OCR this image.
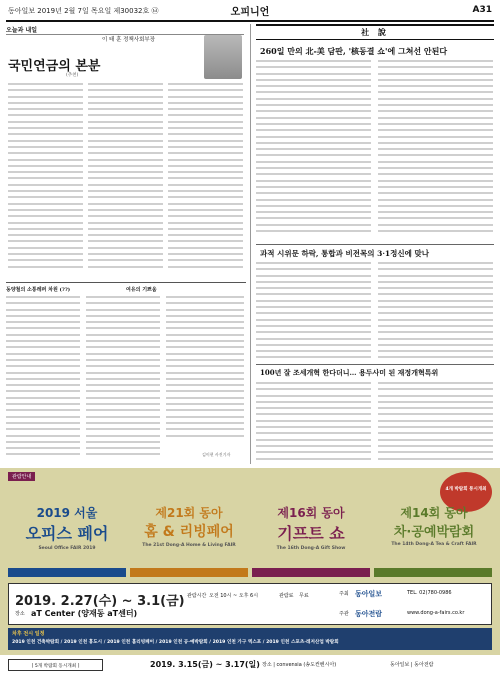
동아일보 2019년 2월 7일 목요일 제30032호 ㉥	오피니언	A31
오늘과 내일
이 태 훈 정책사회부장
국민연금의 본분
(추천)
동양철의 소통레퍼 차원 (??)	여유의 기쁘움
김이현 사진기자
社 說
260일 만의 北-美 담판, '核동결 쇼'에 그쳐선 안된다
과적 시위문 하락, 통합과 비전목의 3·1정신에 맞나
100년 잘 조세개혁 한다더니… 용두사미 된 재정개혁특위
관람안내
4개 박람회 통시개최
2019 서울
오피스 페어
Seoul Office FAIR 2019
제21회 동아
홈 & 리빙페어
The 21st Dong-A Home & Living FAIR
제16회 동아
기프트 쇼
The 16th Dong-A Gift Show
제14회 동아
차·공예박람회
The 14th Dong-A Tea & Craft FAIR
2019. 2.27(수) ~ 3.1(금) 관람시간 오전 10시 ~ 오후 6시	관람료 무료
장소 aT Center (양재동 aT센터)
주최 동아일보	TEL. 02)780-0986
주관 동아전람	www.dong-a-fairs.co.kr
차후 전시 일정
2019 인천 건축박람회 / 2019 인천 홍도시 / 2019 인천 홈리빙페어 / 2019 인천 공·예박람회 / 2019 인천 가구 엑스포 / 2019 인천 스포츠·레저산업 박람회
[ 5개 박람회 동시개최 ]	2019. 3.15(금) ~ 3.17(일) 장소 | convensia (송도컨벤시아)	동아일보 | 동아전람
